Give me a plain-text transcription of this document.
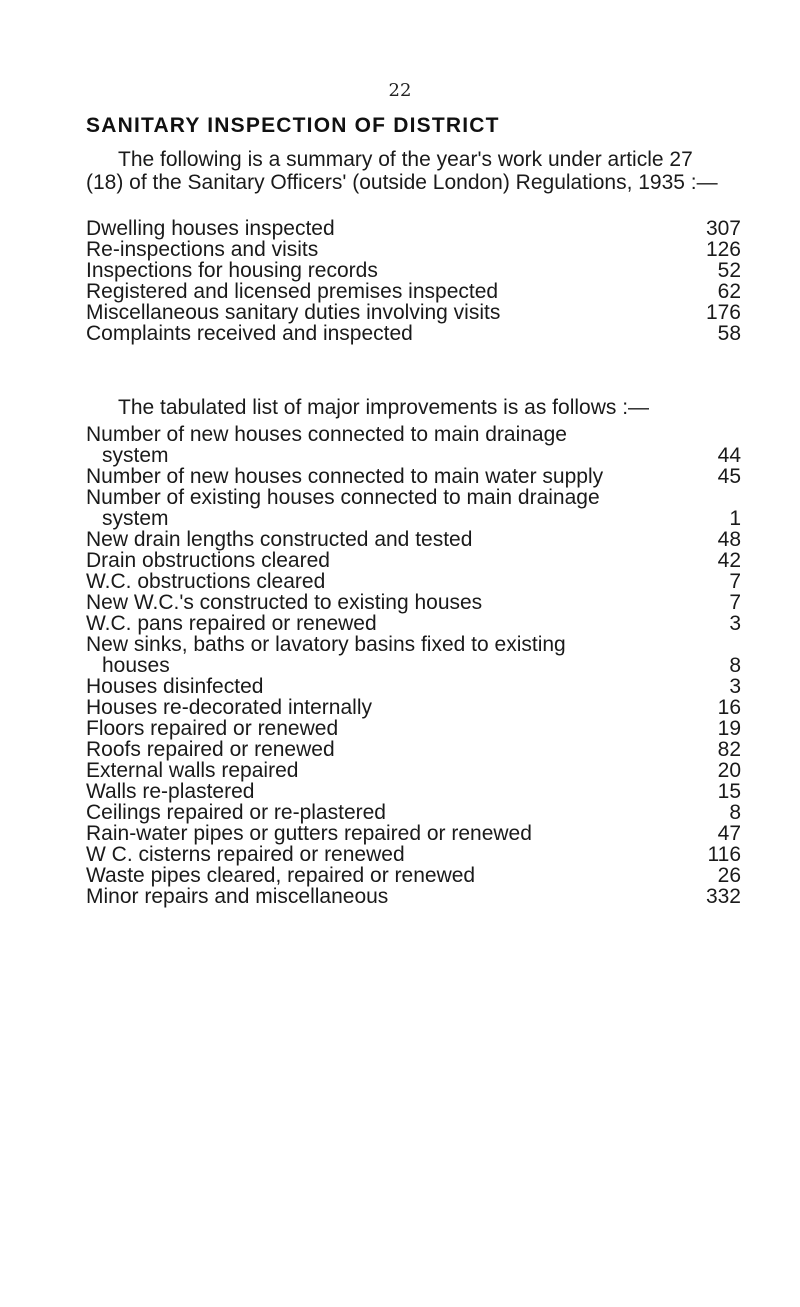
22
SANITARY INSPECTION OF DISTRICT

The following is a summary of the year's work under article 27 (18) of the Sanitary Officers' (outside London) Regulations, 1935 :—

Dwelling houses inspected	307
Re-inspections and visits	126
Inspections for housing records	52
Registered and licensed premises inspected	62
Miscellaneous sanitary duties involving visits	176
Complaints received and inspected	58

The tabulated list of major improvements is as follows :—

Number of new houses connected to main drainage
system	44
Number of new houses connected to main water supply	45
Number of existing houses connected to main drainage
system	1
New drain lengths constructed and tested	48
Drain obstructions cleared	42
W.C. obstructions cleared	7
New W.C.'s constructed to existing houses	7
W.C. pans repaired or renewed	3
New sinks, baths or lavatory basins fixed to existing
houses	8
Houses disinfected	3
Houses re-decorated internally	16
Floors repaired or renewed	19
Roofs repaired or renewed	82
External walls repaired	20
Walls re-plastered	15
Ceilings repaired or re-plastered	8
Rain-water pipes or gutters repaired or renewed	47
W C. cisterns repaired or renewed	116
Waste pipes cleared, repaired or renewed	26
Minor repairs and miscellaneous	332
